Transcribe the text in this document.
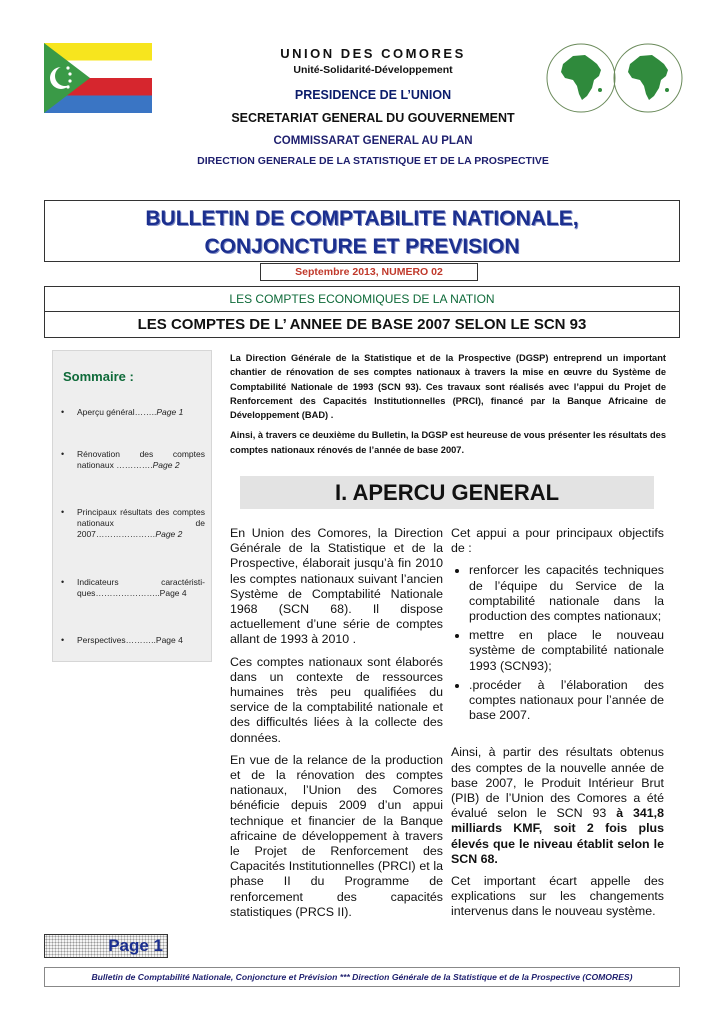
UNION DES COMORES
Unité-Solidarité-Développement
PRESIDENCE DE L’UNION
SECRETARIAT GENERAL DU GOUVERNEMENT
COMMISSARAT GENERAL AU PLAN
DIRECTION GENERALE DE LA STATISTIQUE ET DE LA PROSPECTIVE
BULLETIN DE COMPTABILITE NATIONALE,
CONJONCTURE ET PREVISION
Septembre 2013, NUMERO 02
LES COMPTES ECONOMIQUES DE LA NATION
LES COMPTES DE L’ ANNEE DE BASE 2007 SELON LE SCN 93
Sommaire :
• Aperçu général……..Page 1
• Rénovation des comptes nationaux ………….Page 2
• Principaux résultats des comptes nationaux de 2007…………………Page 2
• Indicateurs caractéristi-ques…………………..Page 4
• Perspectives………..Page 4

La Direction Générale de la Statistique et de la Prospective (DGSP) entreprend un important chantier de rénovation de ses comptes nationaux à travers la mise en œuvre du Système de Comptabilité Nationale de 1993 (SCN 93). Ces travaux sont réalisés avec l’appui du Projet de Renforcement des Capacités Institutionnelles (PRCI), financé par la Banque Africaine de Développement (BAD) .

Ainsi, à travers ce deuxième du Bulletin, la DGSP est heureuse de vous présenter les résultats des comptes nationaux rénovés de l’année de base 2007.

I. APERCU GENERAL

En Union des Comores, la Direction Générale de la Statistique et de la Prospective, élaborait jusqu’à fin 2010 les comptes nationaux suivant l’ancien Système de Comptabilité Nationale 1968 (SCN 68). Il dispose actuellement d’une série de comptes allant de 1993 à 2010 .

Ces comptes nationaux sont élaborés dans un contexte de ressources humaines très peu qualifiées du service de la comptabilité nationale et des difficultés liées à la collecte des données.

En vue de la relance de la production et de la rénovation des comptes nationaux, l’Union des Comores bénéficie depuis 2009 d’un appui technique et financier de la Banque africaine de développement à travers le Projet de Renforcement des Capacités Institutionnelles (PRCI) et la phase II du Programme de renforcement des capacités statistiques (PRCS II).

Cet appui a pour principaux objectifs de :

• renforcer les capacités techniques de l’équipe du Service de la comptabilité nationale dans la production des comptes nationaux;
• mettre en place le nouveau système de comptabilité nationale 1993 (SCN93);
• .procéder à l’élaboration des comptes nationaux pour l’année de base 2007.

Ainsi, à partir des résultats obtenus des comptes de la nouvelle année de base 2007, le Produit Intérieur Brut (PIB) de l’Union des Comores a été évalué selon le SCN 93 à 341,8 milliards KMF, soit 2 fois plus élevés que le niveau établit selon le SCN 68.

Cet important écart appelle des explications sur les changements intervenus dans le nouveau système.

Page 1
Bulletin de Comptabilité Nationale, Conjoncture et Prévision *** Direction Générale de la Statistique et de la Prospective (COMORES)
